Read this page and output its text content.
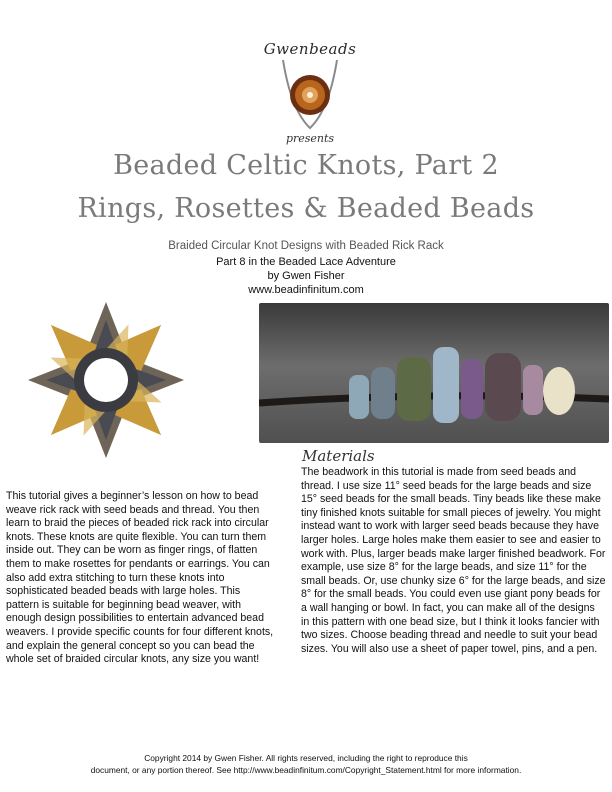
Gwenbeads
presents
Beaded Celtic Knots, Part 2
Rings, Rosettes & Beaded Beads
Braided Circular Knot Designs with Beaded Rick Rack
Part 8 in the Beaded Lace Adventure
by Gwen Fisher
www.beadinfinitum.com
Materials
This tutorial gives a beginner’s lesson on how to bead weave rick rack with seed beads and thread. You then learn to braid the pieces of beaded rick rack into circular knots. These knots are quite flexible. You can turn them inside out. They can be worn as finger rings, of flatten them to make rosettes for pendants or earrings. You can also add extra stitching to turn these knots into sophisticated beaded beads with large holes. This pattern is suitable for beginning bead weaver, with enough design possibilities to entertain advanced bead weavers. I provide specific counts for four different knots, and explain the general concept so you can bead the whole set of braided circular knots, any size you want!
The beadwork in this tutorial is made from seed beads and thread. I use size 11° seed beads for the large beads and size 15° seed beads for the small beads. Tiny beads like these make tiny finished knots suitable for small pieces of jewelry. You might instead want to work with larger seed beads because they have larger holes. Large holes make them easier to see and easier to work with. Plus, larger beads make larger finished beadwork. For example, use size 8° for the large beads, and size 11° for the small beads. Or, use chunky size 6° for the large beads, and size 8° for the small beads. You could even use giant pony beads for a wall hanging or bowl. In fact, you can make all of the designs in this pattern with one bead size, but I think it looks fancier with two sizes. Choose beading thread and needle to suit your bead sizes. You will also use a sheet of paper towel, pins, and a pen.
Copyright 2014 by Gwen Fisher. All rights reserved, including the right to reproduce this
document, or any portion thereof. See http://www.beadinfinitum.com/Copyright_Statement.html for more information.
